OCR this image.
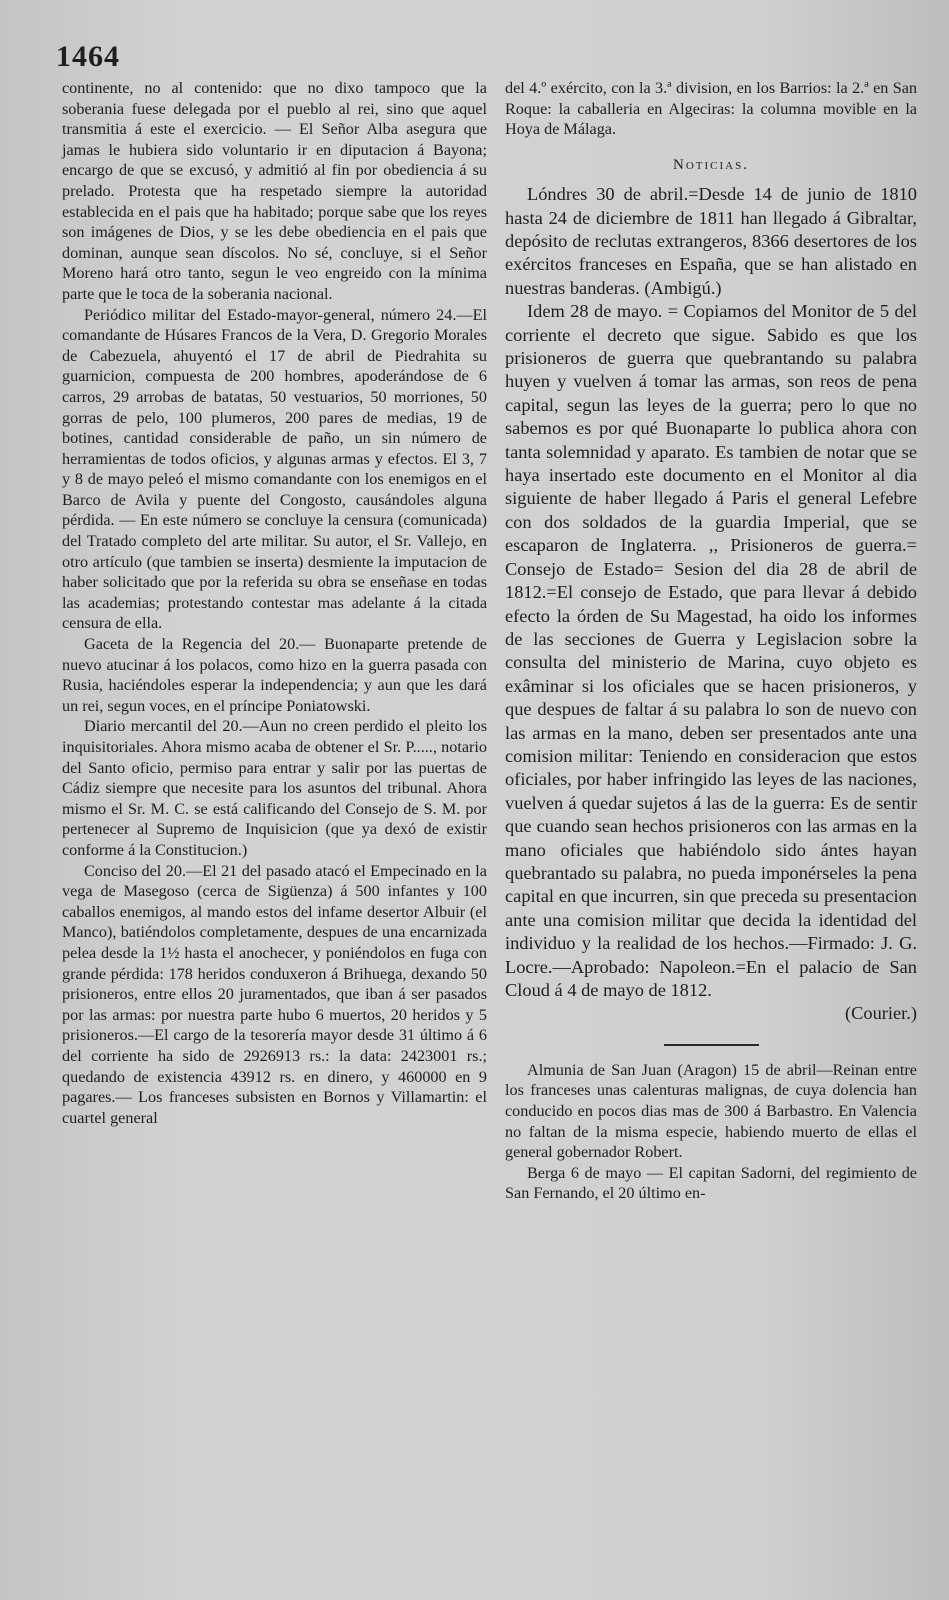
1464

continente, no al contenido: que no dixo tampoco que la soberania fuese delegada por el pueblo al rei, sino que aquel transmitia á este el exercicio. — El Señor Alba asegura que jamas le hubiera sido voluntario ir en diputacion á Bayona; encargo de que se excusó, y admitió al fin por obediencia á su prelado. Protesta que ha respetado siempre la autoridad establecida en el pais que ha habitado; porque sabe que los reyes son imágenes de Dios, y se les debe obediencia en el pais que dominan, aunque sean díscolos. No sé, concluye, si el Señor Moreno hará otro tanto, segun le veo engreido con la mínima parte que le toca de la soberania nacional.

Periódico militar del Estado-mayor-general, número 24.—El comandante de Húsares Francos de la Vera, D. Gregorio Morales de Cabezuela, ahuyentó el 17 de abril de Piedrahita su guarnicion, compuesta de 200 hombres, apoderándose de 6 carros, 29 arrobas de batatas, 50 vestuarios, 50 morriones, 50 gorras de pelo, 100 plumeros, 200 pares de medias, 19 de botines, cantidad considerable de paño, un sin número de herramientas de todos oficios, y algunas armas y efectos. El 3, 7 y 8 de mayo peleó el mismo comandante con los enemigos en el Barco de Avila y puente del Congosto, causándoles alguna pérdida. — En este número se concluye la censura (comunicada) del Tratado completo del arte militar. Su autor, el Sr. Vallejo, en otro artículo (que tambien se inserta) desmiente la imputacion de haber solicitado que por la referida su obra se enseñase en todas las academias; protestando contestar mas adelante á la citada censura de ella.

Gaceta de la Regencia del 20.— Buonaparte pretende de nuevo atucinar á los polacos, como hizo en la guerra pasada con Rusia, haciéndoles esperar la independencia; y aun que les dará un rei, segun voces, en el príncipe Poniatowski.

Diario mercantil del 20.—Aun no creen perdido el pleito los inquisitoriales. Ahora mismo acaba de obtener el Sr. P....., notario del Santo oficio, permiso para entrar y salir por las puertas de Cádiz siempre que necesite para los asuntos del tribunal. Ahora mismo el Sr. M. C. se está calificando del Consejo de S. M. por pertenecer al Supremo de Inquisicion (que ya dexó de existir conforme á la Constitucion.)

Conciso del 20.—El 21 del pasado atacó el Empecinado en la vega de Masegoso (cerca de Sigüenza) á 500 infantes y 100 caballos enemigos, al mando estos del infame desertor Albuir (el Manco), batiéndolos completamente, despues de una encarnizada pelea desde la 1½ hasta el anochecer, y poniéndolos en fuga con grande pérdida: 178 heridos conduxeron á Brihuega, dexando 50 prisioneros, entre ellos 20 juramentados, que iban á ser pasados por las armas: por nuestra parte hubo 6 muertos, 20 heridos y 5 prisioneros.—El cargo de la tesorería mayor desde 31 último á 6 del corriente ha sido de 2926913 rs.: la data: 2423001 rs.; quedando de existencia 43912 rs. en dinero, y 460000 en 9 pagares.— Los franceses subsisten en Bornos y Villamartin: el cuartel general

del 4.º exército, con la 3.ª division, en los Barrios: la 2.ª en San Roque: la caballeria en Algeciras: la columna movible en la Hoya de Málaga.

Noticias.

Lóndres 30 de abril.=Desde 14 de junio de 1810 hasta 24 de diciembre de 1811 han llegado á Gibraltar, depósito de reclutas extrangeros, 8366 desertores de los exércitos franceses en España, que se han alistado en nuestras banderas. (Ambigú.)

Idem 28 de mayo. = Copiamos del Monitor de 5 del corriente el decreto que sigue. Sabido es que los prisioneros de guerra que quebrantando su palabra huyen y vuelven á tomar las armas, son reos de pena capital, segun las leyes de la guerra; pero lo que no sabemos es por qué Buonaparte lo publica ahora con tanta solemnidad y aparato. Es tambien de notar que se haya insertado este documento en el Monitor al dia siguiente de haber llegado á Paris el general Lefebre con dos soldados de la guardia Imperial, que se escaparon de Inglaterra. ,, Prisioneros de guerra.= Consejo de Estado= Sesion del dia 28 de abril de 1812.=El consejo de Estado, que para llevar á debido efecto la órden de Su Magestad, ha oido los informes de las secciones de Guerra y Legislacion sobre la consulta del ministerio de Marina, cuyo objeto es exâminar si los oficiales que se hacen prisioneros, y que despues de faltar á su palabra lo son de nuevo con las armas en la mano, deben ser presentados ante una comision militar: Teniendo en consideracion que estos oficiales, por haber infringido las leyes de las naciones, vuelven á quedar sujetos á las de la guerra: Es de sentir que cuando sean hechos prisioneros con las armas en la mano oficiales que habiéndolo sido ántes hayan quebrantado su palabra, no pueda imponérseles la pena capital en que incurren, sin que preceda su presentacion ante una comision militar que decida la identidad del individuo y la realidad de los hechos.—Firmado: J. G. Locre.—Aprobado: Napoleon.=En el palacio de San Cloud á 4 de mayo de 1812.

(Courier.)

Almunia de San Juan (Aragon) 15 de abril—Reinan entre los franceses unas calenturas malignas, de cuya dolencia han conducido en pocos dias mas de 300 á Barbastro. En Valencia no faltan de la misma especie, habiendo muerto de ellas el general gobernador Robert.

Berga 6 de mayo — El capitan Sadorni, del regimiento de San Fernando, el 20 último en-
